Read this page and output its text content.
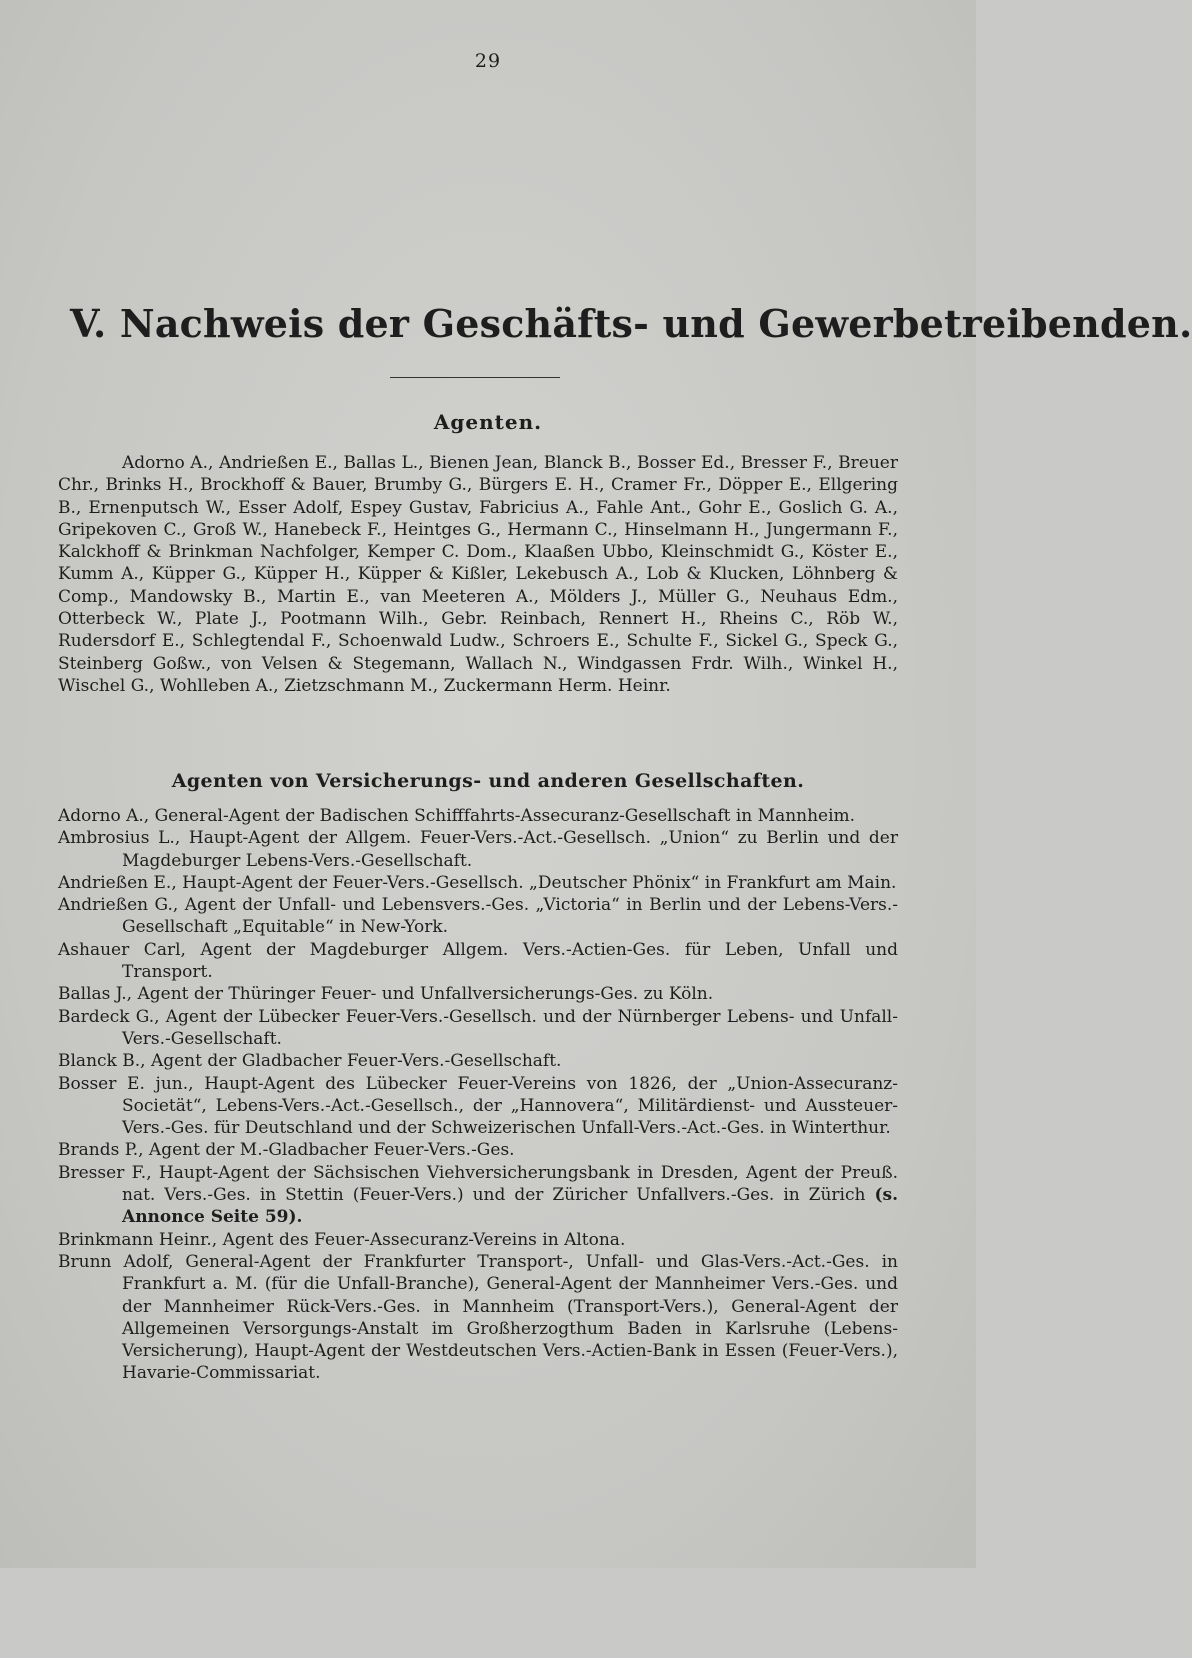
29
V. Nachweis der Geschäfts- und Gewerbetreibenden.
Agenten.
Adorno A., Andrießen E., Ballas L., Bienen Jean, Blanck B., Bosser Ed., Bresser F., Breuer Chr., Brinks H., Brockhoff & Bauer, Brumby G., Bürgers E. H., Cramer Fr., Döpper E., Ellgering B., Ernenputsch W., Esser Adolf, Espey Gustav, Fabricius A., Fahle Ant., Gohr E., Goslich G. A., Gripekoven C., Groß W., Hanebeck F., Heintges G., Hermann C., Hinselmann H., Jungermann F., Kalckhoff & Brinkman Nachfolger, Kemper C. Dom., Klaaßen Ubbo, Kleinschmidt G., Köster E., Kumm A., Küpper G., Küpper H., Küpper & Kißler, Lekebusch A., Lob & Klucken, Löhnberg & Comp., Mandowsky B., Martin E., van Meeteren A., Mölders J., Müller G., Neuhaus Edm., Otterbeck W., Plate J., Pootmann Wilh., Gebr. Reinbach, Rennert H., Rheins C., Röb W., Rudersdorf E., Schlegtendal F., Schoenwald Ludw., Schroers E., Schulte F., Sickel G., Speck G., Steinberg Goßw., von Velsen & Stegemann, Wallach N., Windgassen Frdr. Wilh., Winkel H., Wischel G., Wohlleben A., Zietzschmann M., Zuckermann Herm. Heinr.
Agenten von Versicherungs- und anderen Gesellschaften.
Adorno A., General-Agent der Badischen Schifffahrts-Assecuranz-Gesellschaft in Mannheim.
Ambrosius L., Haupt-Agent der Allgem. Feuer-Vers.-Act.-Gesellsch. „Union“ zu Berlin und der Magdeburger Lebens-Vers.-Gesellschaft.
Andrießen E., Haupt-Agent der Feuer-Vers.-Gesellsch. „Deutscher Phönix“ in Frankfurt am Main.
Andrießen G., Agent der Unfall- und Lebensvers.-Ges. „Victoria“ in Berlin und der Lebens-Vers.-Gesellschaft „Equitable“ in New-York.
Ashauer Carl, Agent der Magdeburger Allgem. Vers.-Actien-Ges. für Leben, Unfall und Transport.
Ballas J., Agent der Thüringer Feuer- und Unfallversicherungs-Ges. zu Köln.
Bardeck G., Agent der Lübecker Feuer-Vers.-Gesellsch. und der Nürnberger Lebens- und Unfall-Vers.-Gesellschaft.
Blanck B., Agent der Gladbacher Feuer-Vers.-Gesellschaft.
Bosser E. jun., Haupt-Agent des Lübecker Feuer-Vereins von 1826, der „Union-Assecuranz-Societät“, Lebens-Vers.-Act.-Gesellsch., der „Hannovera“, Militärdienst- und Aussteuer-Vers.-Ges. für Deutschland und der Schweizerischen Unfall-Vers.-Act.-Ges. in Winterthur.
Brands P., Agent der M.-Gladbacher Feuer-Vers.-Ges.
Bresser F., Haupt-Agent der Sächsischen Viehversicherungsbank in Dresden, Agent der Preuß. nat. Vers.-Ges. in Stettin (Feuer-Vers.) und der Züricher Unfallvers.-Ges. in Zürich (s. Annonce Seite 59).
Brinkmann Heinr., Agent des Feuer-Assecuranz-Vereins in Altona.
Brunn Adolf, General-Agent der Frankfurter Transport-, Unfall- und Glas-Vers.-Act.-Ges. in Frankfurt a. M. (für die Unfall-Branche), General-Agent der Mannheimer Vers.-Ges. und der Mannheimer Rück-Vers.-Ges. in Mannheim (Transport-Vers.), General-Agent der Allgemeinen Versorgungs-Anstalt im Großherzogthum Baden in Karlsruhe (Lebens-Versicherung), Haupt-Agent der Westdeutschen Vers.-Actien-Bank in Essen (Feuer-Vers.), Havarie-Commissariat.
